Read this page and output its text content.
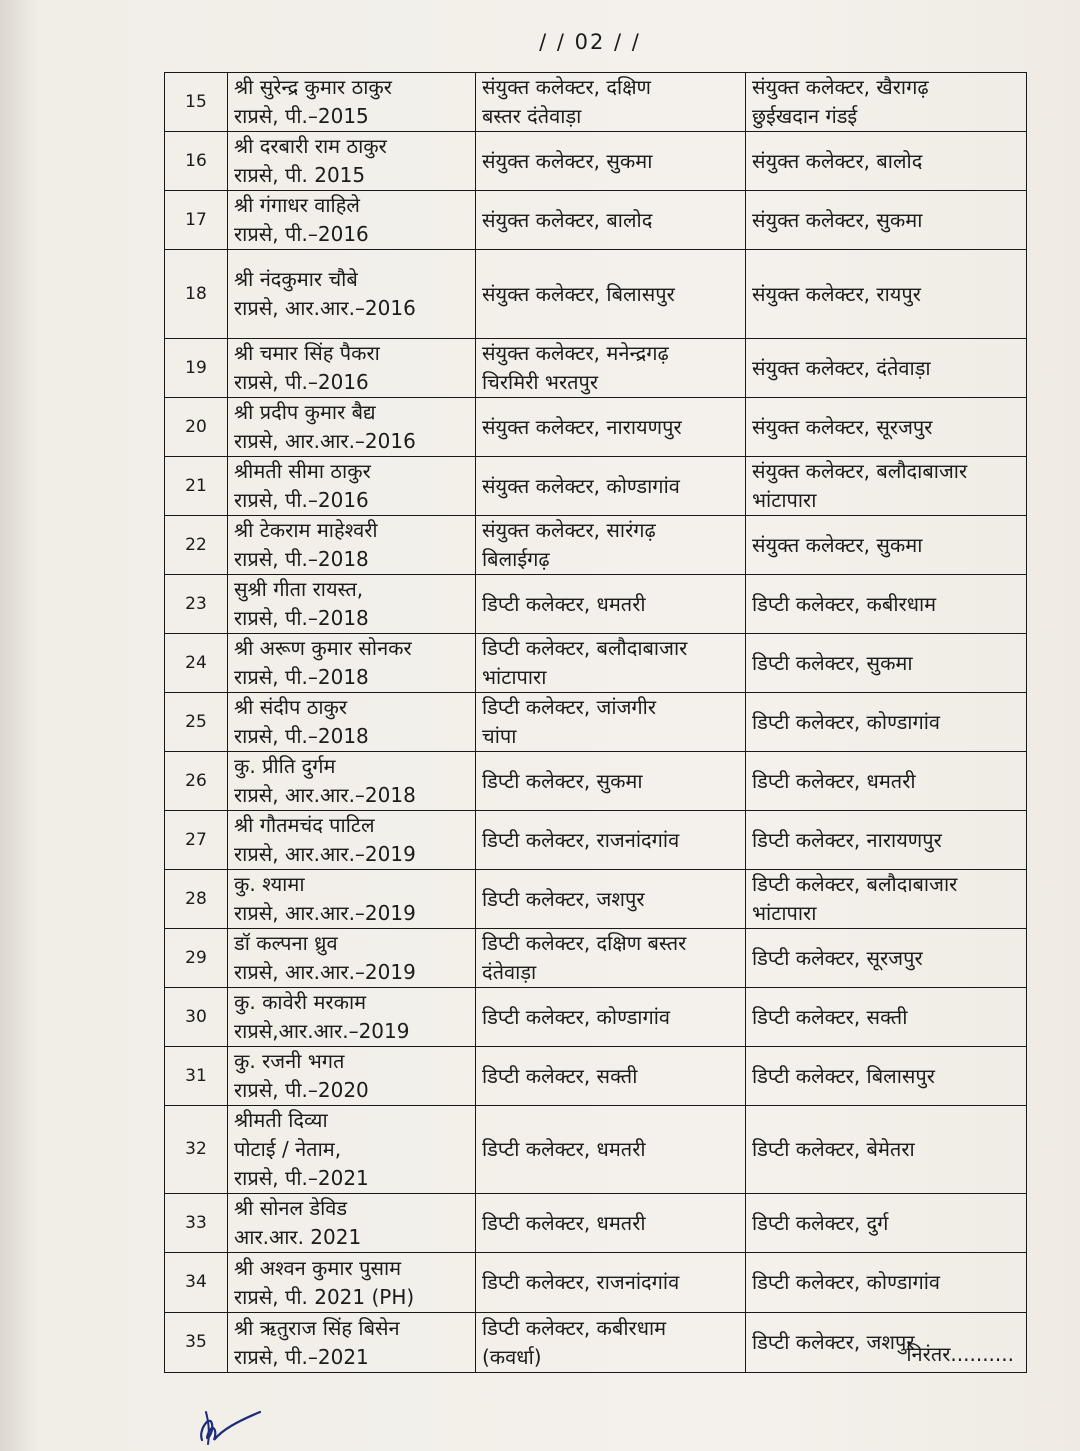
/ / 02 / /
15	श्री सुरेन्द्र कुमार ठाकुर
राप्रसे, पी.–2015	संयुक्त कलेक्टर, दक्षिण
बस्तर दंतेवाड़ा	संयुक्त कलेक्टर, खैरागढ़
छुईखदान गंडई
16	श्री दरबारी राम ठाकुर
राप्रसे, पी. 2015	संयुक्त कलेक्टर, सुकमा	संयुक्त कलेक्टर, बालोद
17	श्री गंगाधर वाहिले
राप्रसे, पी.–2016	संयुक्त कलेक्टर, बालोद	संयुक्त कलेक्टर, सुकमा
18	श्री नंदकुमार चौबे
राप्रसे, आर.आर.–2016	संयुक्त कलेक्टर, बिलासपुर	संयुक्त कलेक्टर, रायपुर
19	श्री चमार सिंह पैकरा
राप्रसे, पी.–2016	संयुक्त कलेक्टर, मनेन्द्रगढ़
चिरमिरी भरतपुर	संयुक्त कलेक्टर, दंतेवाड़ा
20	श्री प्रदीप कुमार बैद्य
राप्रसे, आर.आर.–2016	संयुक्त कलेक्टर, नारायणपुर	संयुक्त कलेक्टर, सूरजपुर
21	श्रीमती सीमा ठाकुर
राप्रसे, पी.–2016	संयुक्त कलेक्टर, कोण्डागांव	संयुक्त कलेक्टर, बलौदाबाजार
भांटापारा
22	श्री टेकराम माहेश्वरी
राप्रसे, पी.–2018	संयुक्त कलेक्टर, सारंगढ़
बिलाईगढ़	संयुक्त कलेक्टर, सुकमा
23	सुश्री गीता रायस्त,
राप्रसे, पी.–2018	डिप्टी कलेक्टर, धमतरी	डिप्टी कलेक्टर, कबीरधाम
24	श्री अरूण कुमार सोनकर
राप्रसे, पी.–2018	डिप्टी कलेक्टर, बलौदाबाजार
भांटापारा	डिप्टी कलेक्टर, सुकमा
25	श्री संदीप ठाकुर
राप्रसे, पी.–2018	डिप्टी कलेक्टर, जांजगीर
चांपा	डिप्टी कलेक्टर, कोण्डागांव
26	कु. प्रीति दुर्गम
राप्रसे, आर.आर.–2018	डिप्टी कलेक्टर, सुकमा	डिप्टी कलेक्टर, धमतरी
27	श्री गौतमचंद पाटिल
राप्रसे, आर.आर.–2019	डिप्टी कलेक्टर, राजनांदगांव	डिप्टी कलेक्टर, नारायणपुर
28	कु. श्यामा
राप्रसे, आर.आर.–2019	डिप्टी कलेक्टर, जशपुर	डिप्टी कलेक्टर, बलौदाबाजार
भांटापारा
29	डॉ कल्पना ध्रुव
राप्रसे, आर.आर.–2019	डिप्टी कलेक्टर, दक्षिण बस्तर
दंतेवाड़ा	डिप्टी कलेक्टर, सूरजपुर
30	कु. कावेरी मरकाम
राप्रसे,आर.आर.–2019	डिप्टी कलेक्टर, कोण्डागांव	डिप्टी कलेक्टर, सक्ती
31	कु. रजनी भगत
राप्रसे, पी.–2020	डिप्टी कलेक्टर, सक्ती	डिप्टी कलेक्टर, बिलासपुर
32	श्रीमती दिव्या
पोटाई / नेताम,
राप्रसे, पी.–2021	डिप्टी कलेक्टर, धमतरी	डिप्टी कलेक्टर, बेमेतरा
33	श्री सोनल डेविड
आर.आर. 2021	डिप्टी कलेक्टर, धमतरी	डिप्टी कलेक्टर, दुर्ग
34	श्री अश्वन कुमार पुसाम
राप्रसे, पी. 2021 (PH)	डिप्टी कलेक्टर, राजनांदगांव	डिप्टी कलेक्टर, कोण्डागांव
35	श्री ऋतुराज सिंह बिसेन
राप्रसे, पी.–2021	डिप्टी कलेक्टर, कबीरधाम
(कवर्धा)	डिप्टी कलेक्टर, जशपुर
निरंतर..........
